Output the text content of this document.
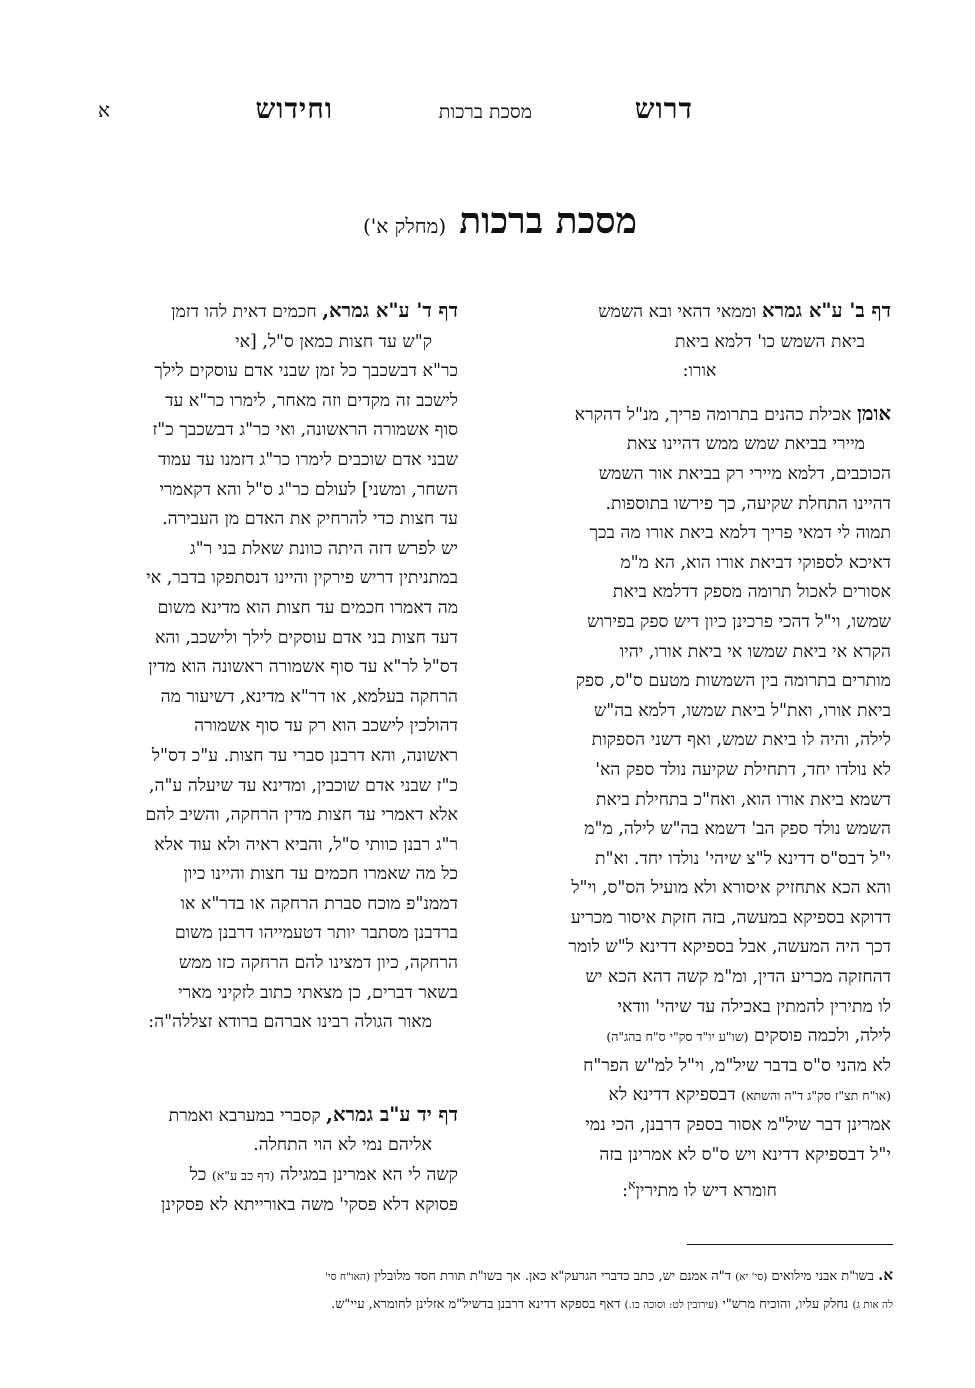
דרוש
מסכת ברכות
וחידוש
א
מסכת ברכות (מחלק א')

דף ב' ע"א גמרא וממאי דהאי ובא השמש

ביאת השמש כו' דלמא ביאת

אורו:

אומן אכילת כהנים בתרומה פריך, מנ"ל דהקרא

מיירי בביאת שמש ממש דהיינו צאת

הכוכבים, דלמא מיירי רק בביאת אור השמש

דהיינו התחלת שקיעה, כך פירשו בתוספות.

תמוה לי דמאי פריך דלמא ביאת אורו מה בכך

דאיכא לספוקי דביאת אורו הוא, הא מ"מ

אסורים לאכול תרומה מספק דדלמא ביאת

שמשו, וי"ל דהכי פרכינן כיון דיש ספק בפירוש

הקרא אי ביאת שמשו אי ביאת אורו, יהיו

מותרים בתרומה בין השמשות מטעם ס"ס, ספק

ביאת אורו, ואת"ל ביאת שמשו, דלמא בה"ש

לילה, והיה לו ביאת שמש, ואף דשני הספקות

לא נולדו יחד, דתחילת שקיעה נולד ספק הא'

דשמא ביאת אורו הוא, ואח"כ בתחילת ביאת

השמש נולד ספק הב' דשמא בה"ש לילה, מ"מ

י"ל דבס"ס דדינא ל"צ שיהי' נולדו יחד. וא"ת

והא הכא אתחזיק איסורא ולא מועיל הס"ס, וי"ל

דדוקא בספיקא במעשה, בזה חזקת איסור מכריע

דכך היה המעשה, אבל בספיקא דדינא ל"ש לומר

דהחזקה מכריע הדין, ומ"מ קשה דהא הכא יש

לו מתירין להמתין באכילה עד שיהי' וודאי

לילה, ולכמה פוסקים (שו"ע יו"ד סק"י ס"ח בהג"ה)

לא מהני ס"ס בדבר שיל"מ, וי"ל למ"ש הפר"ח

(או"ח תצ"ז סק"ג ד"ה והשתא) דבספיקא דדינא לא

אמרינן דבר שיל"מ אסור בספק דרבנן, הכי נמי

י"ל דבספיקא דדינא ויש ס"ס לא אמרינן בזה

חומרא דיש לו מתירין$^א$:

דף ד' ע"א גמרא, חכמים דאית להו דזמן

ק"ש עד חצות כמאן ס"ל, [אי

כר"א דבשכבך כל זמן שבני אדם עוסקים לילך

לישכב זה מקדים וזה מאחר, לימרו כר"א עד

סוף אשמורה הראשונה, ואי כר"ג דבשכבך כ"ז

שבני אדם שוכבים לימרו כר"ג דזמנו עד עמוד

השחר, ומשני] לעולם כר"ג ס"ל והא דקאמרי

עד חצות כדי להרחיק את האדם מן העבירה.

יש לפרש דזה היתה כוונת שאלת בני ר"ג

במתניתין דריש פירקין והיינו דנסתפקו בדבר, אי

מה דאמרו חכמים עד חצות הוא מדינא משום

דעד חצות בני אדם עוסקים לילך ולישכב, והא

דס"ל לר"א עד סוף אשמורה ראשונה הוא מדין

הרחקה בעלמא, או דר"א מדינא, דשיעור מה

דהולכין לישכב הוא רק עד סוף אשמורה

ראשונה, והא דרבנן סברי עד חצות. ע"כ דס"ל

כ"ז שבני אדם שוכבין, ומדינא עד שיעלה ע"ה,

אלא דאמרי עד חצות מדין הרחקה, והשיב להם

ר"ג רבנן כוותי ס"ל, והביא ראיה ולא עוד אלא

כל מה שאמרו חכמים עד חצות והיינו כיון

דממנ"פ מוכח סברת הרחקה או בדר"א או

ברדבנן מסתבר יותר דטעמייהו דרבנן משום

הרחקה, כיון דמצינו להם הרחקה כזו ממש

בשאר דברים, כן מצאתי כתוב לזקיני מארי

מאור הגולה רבינו אברהם ברודא זצללה"ה:

דף יד ע"ב גמרא, קסברי במערבא ואמרת

אליהם נמי לא הוי התחלה.

קשה לי הא אמרינן במגילה (דף כב ע"א) כל

פסוקא דלא פסקי' משה באורייתא לא פסקינן

א. בשו"ת אבני מילואים (סי' יא) ד"ה אמנם יש, כתב כדברי הגרעק"א כאן. אך בשו"ת תורת חסד מלובלין (האו"ח סי'

לה אות ג) נחלק עליו, והוכיח מרש"י (עירובין לט: וסוכה כו.) דאף בספקא דדינא דרבנן בדשיל"מ אזלינן לחומרא, עיי"ש.
